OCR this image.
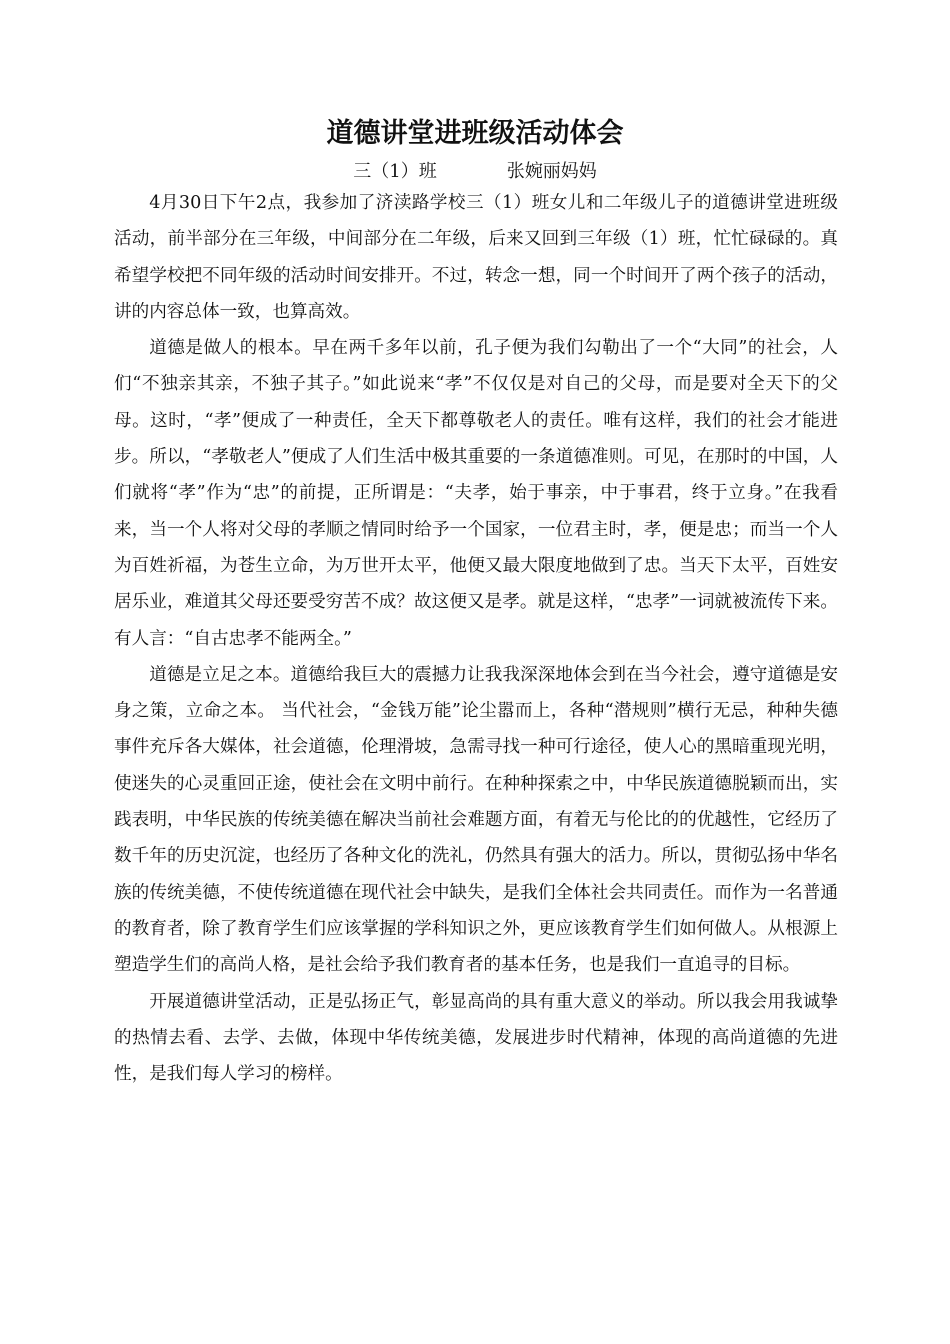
道德讲堂进班级活动体会
三（1）班	张婉丽妈妈

4月30日下午2点，我参加了济渎路学校三（1）班女儿和二年级儿子的道德讲堂进班级活动，前半部分在三年级，中间部分在二年级，后来又回到三年级（1）班，忙忙碌碌的。真希望学校把不同年级的活动时间安排开。不过，转念一想，同一个时间开了两个孩子的活动，讲的内容总体一致，也算高效。

道德是做人的根本。早在两千多年以前，孔子便为我们勾勒出了一个“大同”的社会，人们“不独亲其亲，不独子其子。”如此说来“孝”不仅仅是对自己的父母，而是要对全天下的父母。这时，“孝”便成了一种责任，全天下都尊敬老人的责任。唯有这样，我们的社会才能进步。所以，“孝敬老人”便成了人们生活中极其重要的一条道德准则。可见，在那时的中国，人们就将“孝”作为“忠”的前提，正所谓是：“夫孝，始于事亲，中于事君，终于立身。”在我看来，当一个人将对父母的孝顺之情同时给予一个国家，一位君主时，孝，便是忠；而当一个人为百姓祈福，为苍生立命，为万世开太平，他便又最大限度地做到了忠。当天下太平，百姓安居乐业，难道其父母还要受穷苦不成？故这便又是孝。就是这样，“忠孝”一词就被流传下来。有人言：“自古忠孝不能两全。”

道德是立足之本。道德给我巨大的震撼力让我我深深地体会到在当今社会，遵守道德是安身之策，立命之本。 当代社会，“金钱万能”论尘嚣而上，各种“潜规则”横行无忌，种种失德事件充斥各大媒体，社会道德，伦理滑坡，急需寻找一种可行途径，使人心的黑暗重现光明，使迷失的心灵重回正途，使社会在文明中前行。在种种探索之中，中华民族道德脱颖而出，实践表明，中华民族的传统美德在解决当前社会难题方面，有着无与伦比的的优越性，它经历了数千年的历史沉淀，也经历了各种文化的洗礼，仍然具有强大的活力。所以，贯彻弘扬中华名族的传统美德，不使传统道德在现代社会中缺失，是我们全体社会共同责任。而作为一名普通的教育者，除了教育学生们应该掌握的学科知识之外，更应该教育学生们如何做人。从根源上塑造学生们的高尚人格，是社会给予我们教育者的基本任务，也是我们一直追寻的目标。

开展道德讲堂活动，正是弘扬正气，彰显高尚的具有重大意义的举动。所以我会用我诚挚的热情去看、去学、去做，体现中华传统美德，发展进步时代精神，体现的高尚道德的先进性，是我们每人学习的榜样。
